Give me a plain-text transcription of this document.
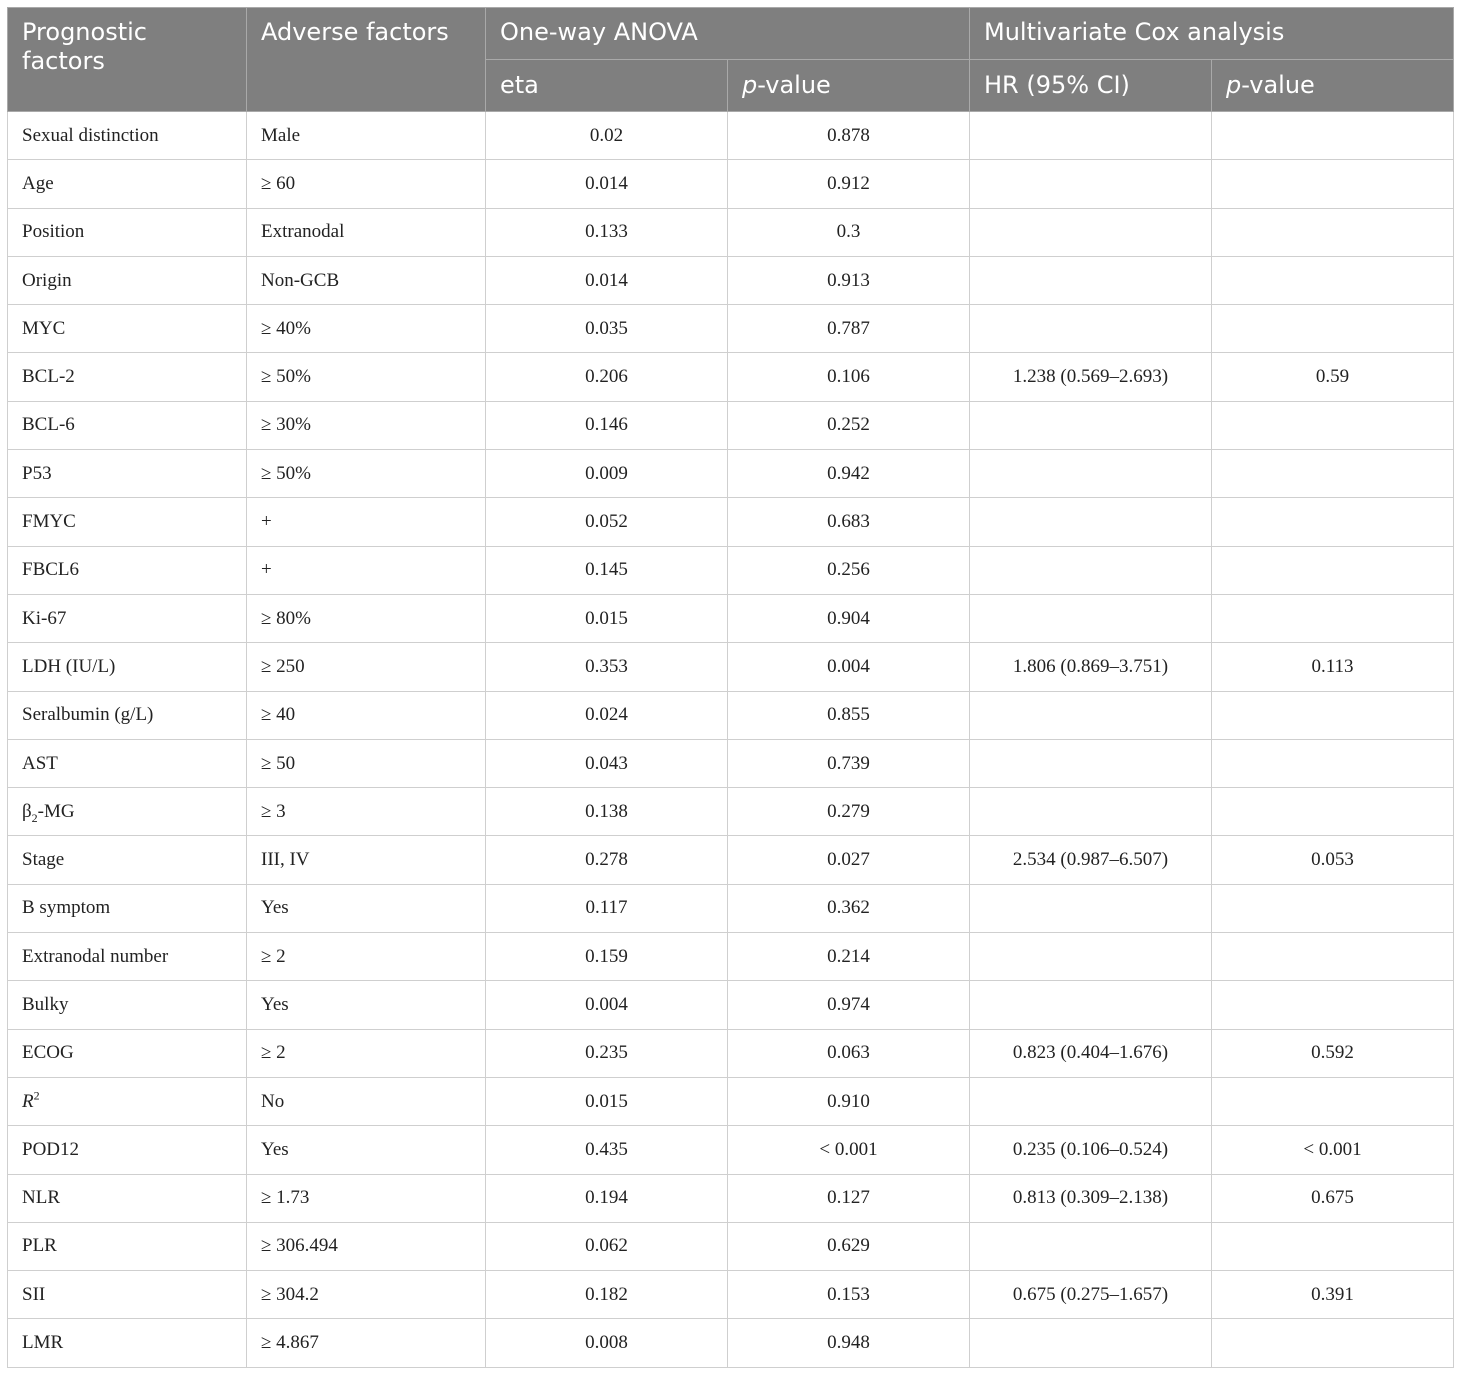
Prognostic factors	Adverse factors	One-way ANOVA		Multivariate Cox analysis	
		eta	p-value	HR (95% CI)	p-value
Sexual distinction	Male	0.02	0.878		
Age	≥ 60	0.014	0.912		
Position	Extranodal	0.133	0.3		
Origin	Non-GCB	0.014	0.913		
MYC	≥ 40%	0.035	0.787		
BCL-2	≥ 50%	0.206	0.106	1.238 (0.569–2.693)	0.59
BCL-6	≥ 30%	0.146	0.252		
P53	≥ 50%	0.009	0.942		
FMYC	+	0.052	0.683		
FBCL6	+	0.145	0.256		
Ki-67	≥ 80%	0.015	0.904		
LDH (IU/L)	≥ 250	0.353	0.004	1.806 (0.869–3.751)	0.113
Seralbumin (g/L)	≥ 40	0.024	0.855		
AST	≥ 50	0.043	0.739		
$\beta_2-MG$	≥ 3	0.138	0.279		
Stage	III, IV	0.278	0.027	2.534 (0.987–6.507)	0.053
B symptom	Yes	0.117	0.362		
Extranodal number	≥ 2	0.159	0.214		
Bulky	Yes	0.004	0.974		
ECOG	≥ 2	0.235	0.063	0.823 (0.404–1.676)	0.592
$R^2$	No	0.015	0.910		
POD12	Yes	0.435	< 0.001	0.235 (0.106–0.524)	< 0.001
NLR	≥ 1.73	0.194	0.127	0.813 (0.309–2.138)	0.675
PLR	≥ 306.494	0.062	0.629		
SII	≥ 304.2	0.182	0.153	0.675 (0.275–1.657)	0.391
LMR	≥ 4.867	0.008	0.948		
